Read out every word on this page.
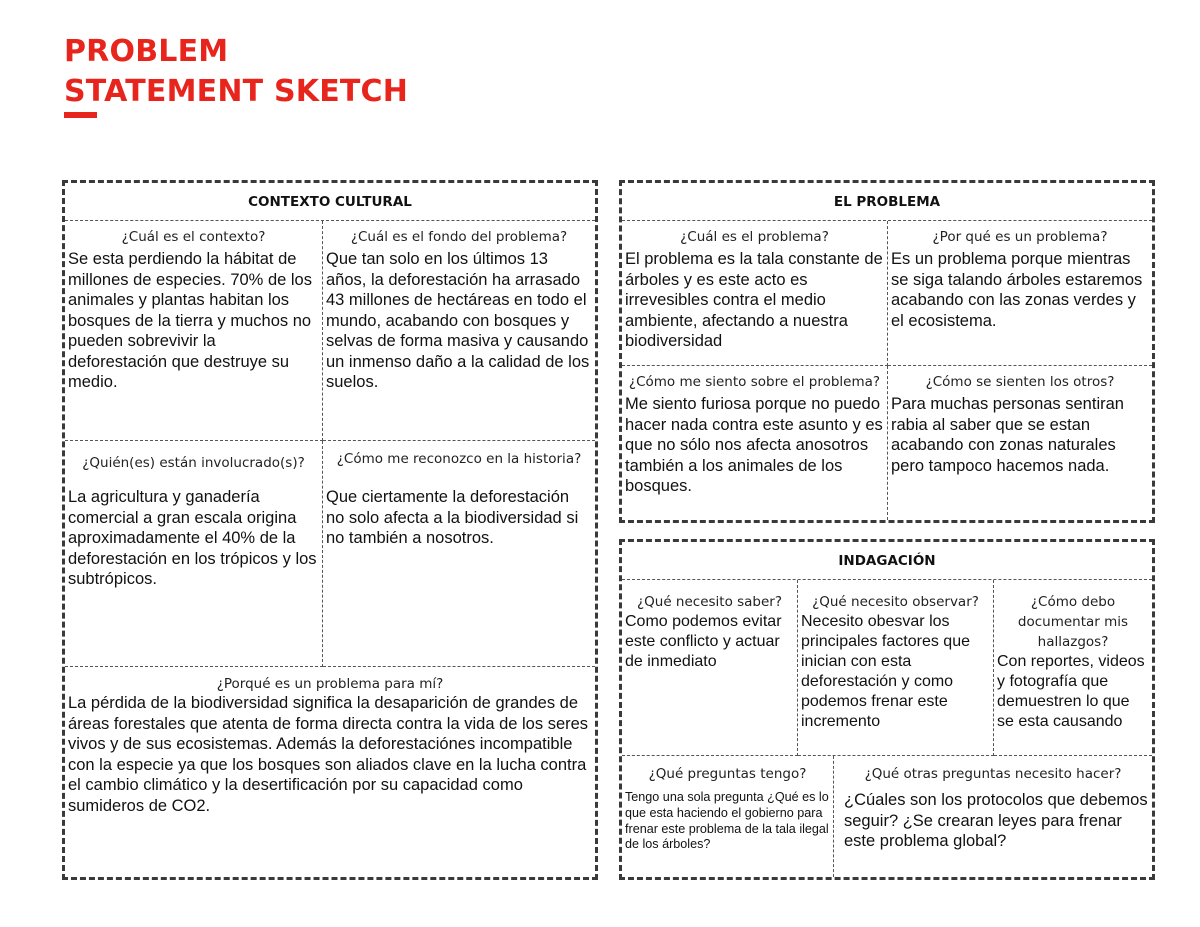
PROBLEM
STATEMENT SKETCH
CONTEXTO CULTURAL
¿Cuál es el contexto?
Se esta perdiendo la hábitat de millones de especies. 70% de los animales y plantas habitan los bosques de la tierra y muchos no pueden sobrevivir la deforestación que destruye su medio.
¿Cuál es el fondo del problema?
Que tan solo en los últimos 13 años, la deforestación ha arrasado 43 millones de hectáreas en todo el mundo, acabando con bosques y selvas de forma masiva y causando un inmenso daño a la calidad de los suelos.
¿Quién(es) están involucrado(s)?
La agricultura y ganadería comercial a gran escala origina aproximadamente el 40% de la deforestación en los trópicos y los subtrópicos.
¿Cómo me reconozco en la historia?
Que ciertamente la deforestación no solo afecta a la biodiversidad si no también a nosotros.
¿Porqué es un problema para mí?
La pérdida de la biodiversidad significa la desaparición de grandes de áreas forestales que atenta de forma directa contra la vida de los seres vivos y de sus ecosistemas. Además la deforestaciónes incompatible con la especie ya que los bosques son aliados clave en la lucha contra el cambio climático y la desertificación por su capacidad como sumideros de CO2.
EL PROBLEMA
¿Cuál es el problema?
El problema es la tala constante de árboles y es este acto es irrevesibles contra el medio ambiente, afectando a nuestra biodiversidad
¿Por qué es un problema?
Es un problema porque mientras se siga talando árboles estaremos acabando con las zonas verdes y el ecosistema.
¿Cómo me siento sobre el problema?
Me siento furiosa porque no puedo hacer nada contra este asunto y es que no sólo nos afecta anosotros también a los animales de los bosques.
¿Cómo se sienten los otros?
Para muchas personas sentiran rabia al saber que se estan acabando con zonas naturales pero tampoco hacemos nada.
INDAGACIÓN
¿Qué necesito saber?
Como podemos evitar este conflicto y actuar de inmediato
¿Qué necesito observar?
Necesito obesvar los principales factores que inician con esta deforestación y como podemos frenar este incremento
¿Cómo debo documentar mis hallazgos?
Con reportes, videos y fotografía que demuestren lo que se esta causando
¿Qué preguntas tengo?
Tengo una sola pregunta ¿Qué es lo que esta haciendo el gobierno para frenar este problema de la tala ilegal de los árboles?
¿Qué otras preguntas necesito hacer?
¿Cúales son los protocolos que debemos seguir? ¿Se crearan leyes para frenar este problema global?
